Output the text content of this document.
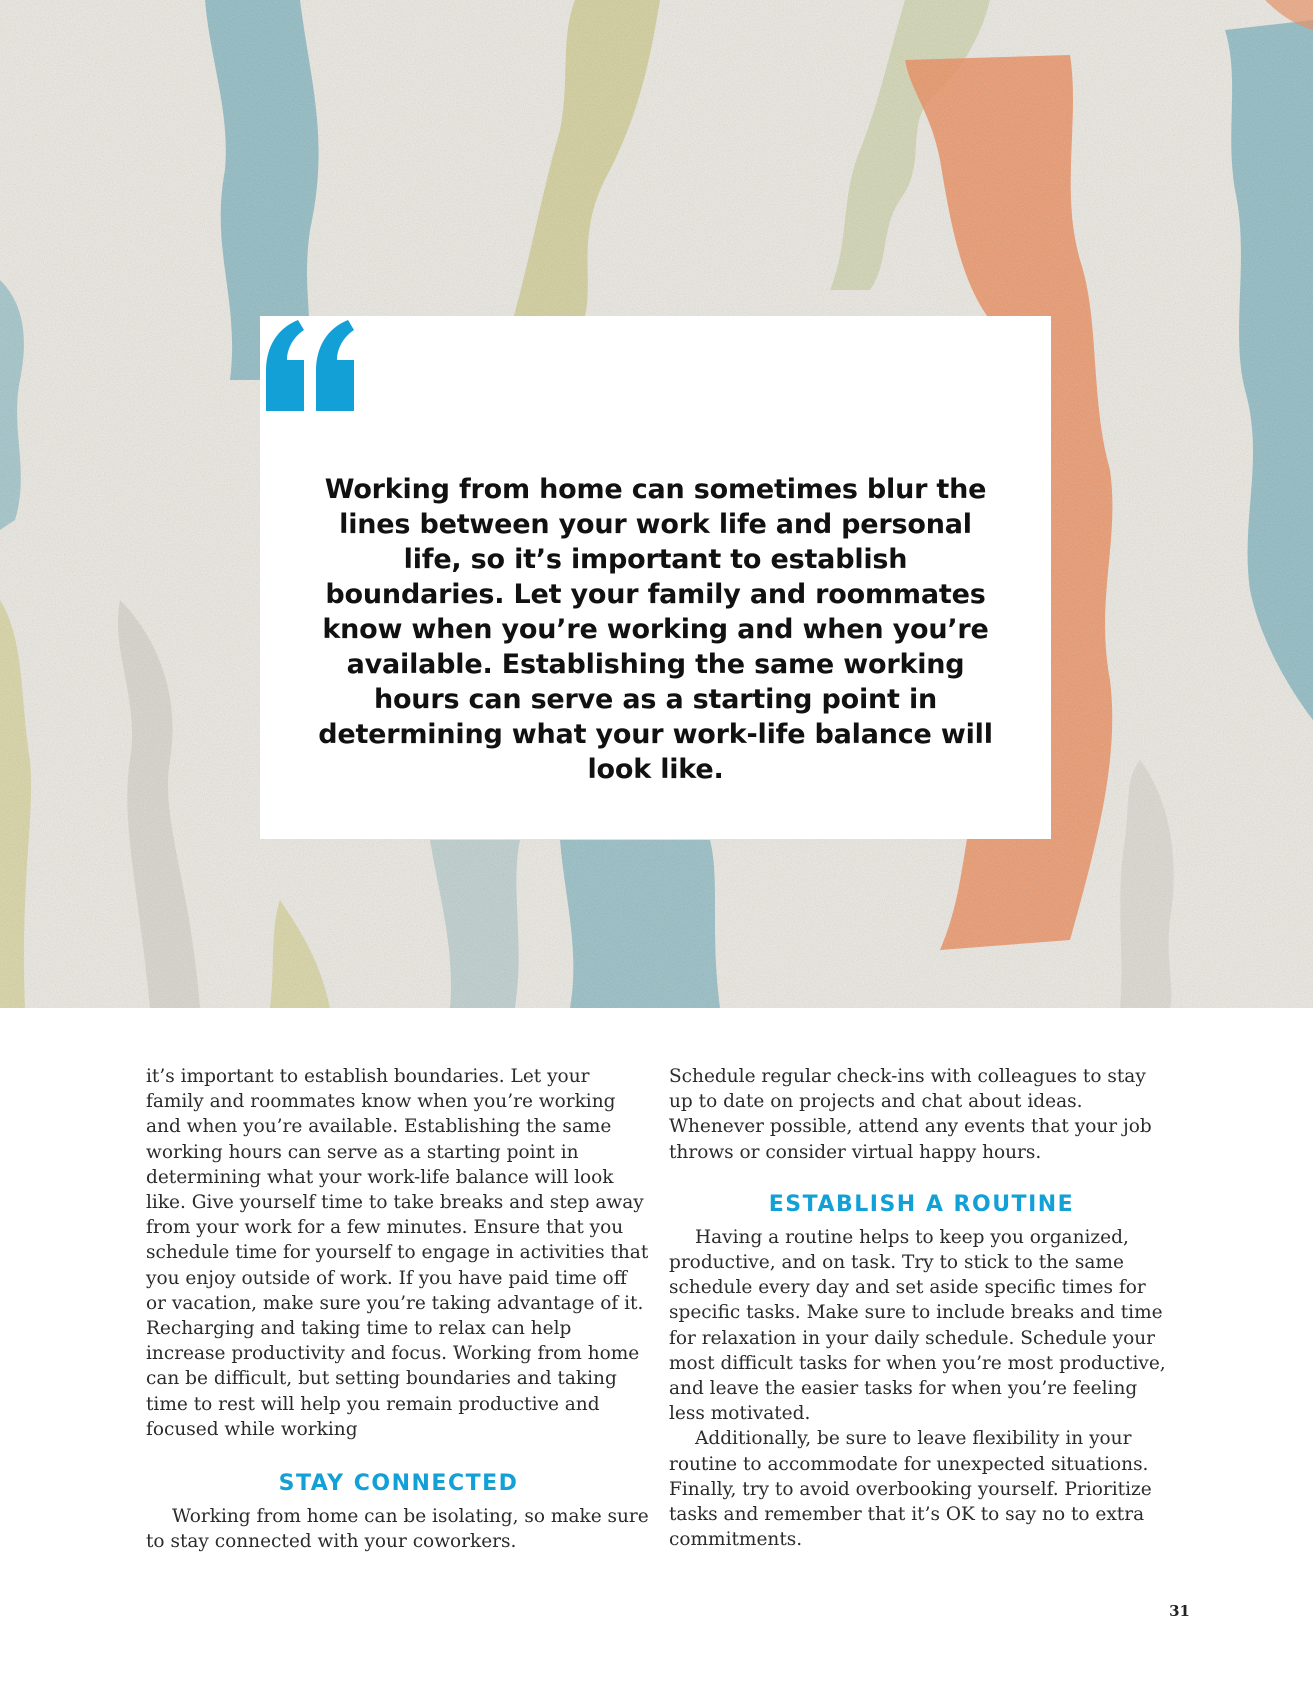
Working from home can sometimes blur the lines between your work life and personal life, so it’s important to establish boundaries. Let your family and roommates know when you’re working and when you’re available. Establishing the same working hours can serve as a starting point in determining what your work-life balance will look like.

it’s important to establish boundaries. Let your family and roommates know when you’re working and when you’re available. Establishing the same working hours can serve as a starting point in determining what your work-life balance will look like. Give yourself time to take breaks and step away from your work for a few minutes. Ensure that you schedule time for yourself to engage in activities that you enjoy outside of work. If you have paid time off or vacation, make sure you’re taking advantage of it. Recharging and taking time to relax can help increase productivity and focus. Working from home can be difficult, but setting boundaries and taking time to rest will help you remain productive and focused while working

STAY CONNECTED

Working from home can be isolating, so make sure to stay connected with your coworkers.

Schedule regular check-ins with colleagues to stay up to date on projects and chat about ideas. Whenever possible, attend any events that your job throws or consider virtual happy hours.

ESTABLISH A ROUTINE

Having a routine helps to keep you organized, productive, and on task. Try to stick to the same schedule every day and set aside specific times for specific tasks. Make sure to include breaks and time for relaxation in your daily schedule. Schedule your most difficult tasks for when you’re most productive, and leave the easier tasks for when you’re feeling less motivated.

Additionally, be sure to leave flexibility in your routine to accommodate for unexpected situations. Finally, try to avoid overbooking yourself. Prioritize tasks and remember that it’s OK to say no to extra commitments.

31
